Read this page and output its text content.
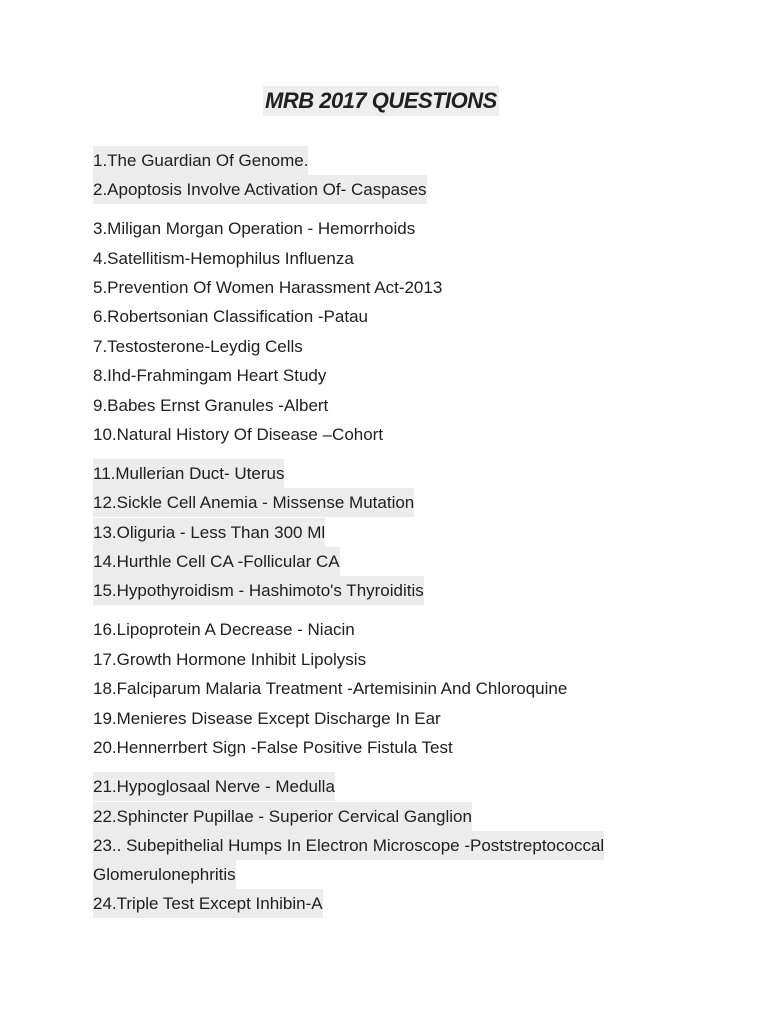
MRB 2017 QUESTIONS
1.The Guardian Of Genome.
2.Apoptosis Involve Activation Of- Caspases
3.Miligan Morgan Operation - Hemorrhoids
4.Satellitism-Hemophilus Influenza
5.Prevention Of Women Harassment Act-2013
6.Robertsonian Classification -Patau
7.Testosterone-Leydig Cells
8.Ihd-Frahmingam Heart Study
9.Babes Ernst Granules -Albert
10.Natural History Of Disease –Cohort
11.Mullerian Duct- Uterus
12.Sickle Cell Anemia - Missense Mutation
13.Oliguria - Less Than 300 Ml
14.Hurthle Cell CA -Follicular CA
15.Hypothyroidism - Hashimoto's Thyroiditis
16.Lipoprotein A Decrease - Niacin
17.Growth Hormone Inhibit Lipolysis
18.Falciparum Malaria Treatment -Artemisinin And Chloroquine
19.Menieres Disease Except Discharge In Ear
20.Hennerrbert Sign -False Positive Fistula Test
21.Hypoglosaal Nerve - Medulla
22.Sphincter Pupillae - Superior Cervical Ganglion
23.. Subepithelial Humps In Electron Microscope -Poststreptococcal
Glomerulonephritis
24.Triple Test Except Inhibin-A
